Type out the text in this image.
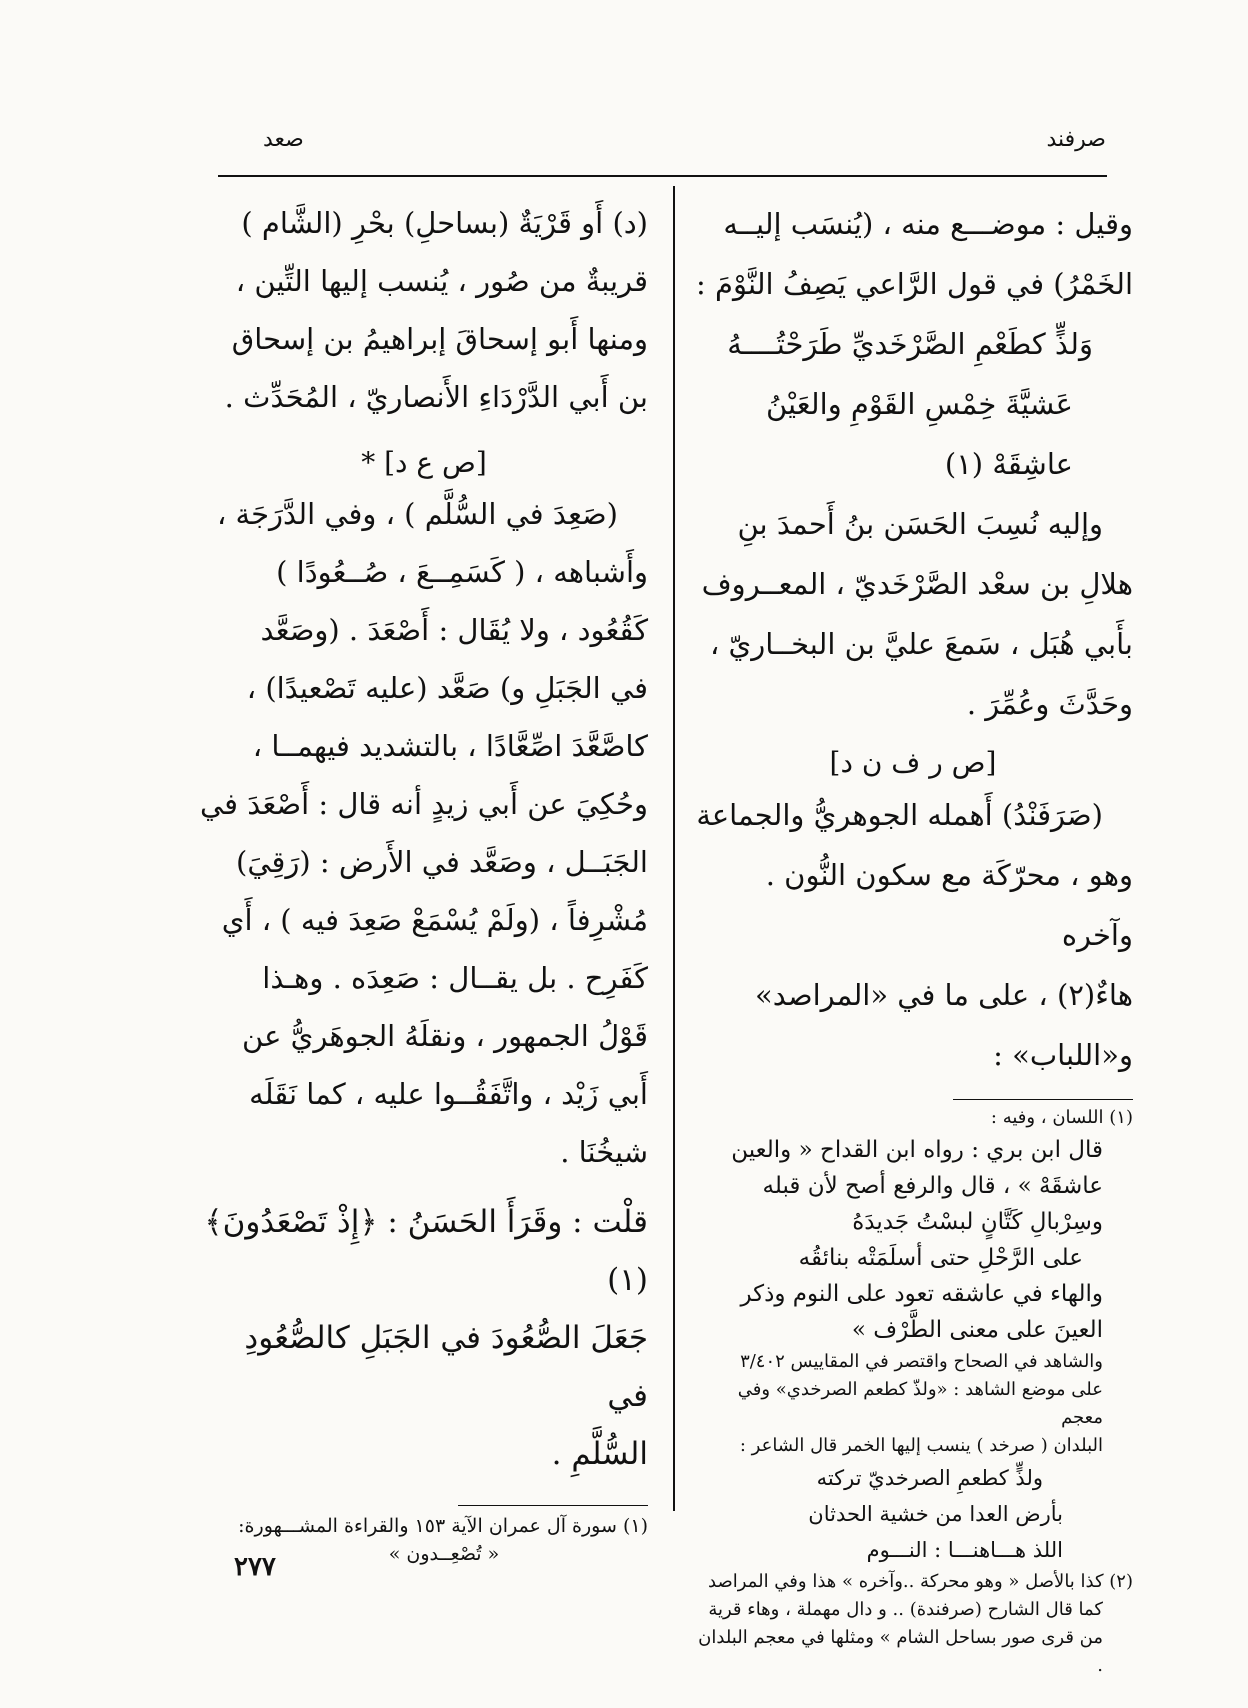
صرفند
صعد

وقيل : موضـــع منه ، (يُنسَب إليــه

الخَمْرُ) في قول الرَّاعي يَصِفُ النَّوْمَ :

وَلذٍّ كطَعْمِ الصَّرْخَديِّ طَرَحْتُــــهُ

عَشيَّةَ خِمْسِ القَوْمِ والعَيْنُ عاشِقَهْ (١)

وإليه نُسِبَ الحَسَن بنُ أَحمدَ بنِ

هلالِ بن سعْد الصَّرْخَديّ ، المعــروف

بأَبي هُبَل ، سَمعَ عليَّ بن البخــاريّ ،

وحَدَّثَ وعُمِّرَ .

[ص ر ف ن د]

(صَرَفَنْدُ) أَهمله الجوهريُّ والجماعة

وهو ، محرّكَة مع سكون النُّون . وآخره

هاءٌ(٢) ، على ما في «المراصد» و«اللباب» :

(١) اللسان ، وفيه :

قال ابن بري : رواه ابن القداح « والعين

عاشقَهْ » ، قال والرفع أصح لأن قبله

وسِرْبالِ كَتَّانٍ لبسْتُ جَديدَهُ

على الرَّحْلِ حتى أسلَمَتْه بنائقُه

والهاء في عاشقه تعود على النوم وذكر

العينَ على معنى الطَّرْف »

والشاهد في الصحاح واقتصر في المقاييس ٣/٤٠٢

على موضع الشاهد : «ولذّ كطعم الصرخدي» وفي معجم

البلدان ( صرخد ) ينسب إليها الخمر قال الشاعر :

ولذٍّ كطعمِ الصرخديّ تركته

بأرض العدا من خشية الحدثان

اللذ هـــاهنـــا : النـــوم

(٢) كذا بالأصل « وهو محركة ..وآخره » هذا وفي المراصد

كما قال الشارح (صرفندة) .. و دال مهملة ، وهاء قرية

من قرى صور بساحل الشام » ومثلها في معجم البلدان .

(د) أَو قَرْيَةٌ (بساحلِ) بحْرِ (الشَّام )

قريبةٌ من صُور ، يُنسب إليها التِّين ،

ومنها أَبو إسحاقَ إبراهيمُ بن إسحاق

بن أَبي الدَّرْدَاءِ الأَنصاريّ ، المُحَدِّث .

[ص ع د] *

(صَعِدَ في السُّلَّم ) ، وفي الدَّرَجَة ،

وأَشباهه ، ( كَسَمِــعَ ، صُــعُودًا )

كَقُعُود ، ولا يُقَال : أَصْعَدَ . (وصَعَّد

في الجَبَلِ و) صَعَّد (عليه تَصْعيدًا) ،

كاصَّعَّدَ اصِّعَّادًا ، بالتشديد فيهمــا ،

وحُكِيَ عن أَبي زيدٍ أنه قال : أَصْعَدَ في

الجَبَــل ، وصَعَّد في الأَرض : (رَقِيَ)

مُشْرِفاً ، (ولَمْ يُسْمَعْ صَعِدَ فيه ) ، أَي

كَفَرِح . بل يقــال : صَعِدَه . وهـذا

قَوْلُ الجمهور ، ونقلَهُ الجوهَريُّ عن

أَبي زَيْد ، واتَّفَقُــوا عليه ، كما نَقَلَه

شيخُنَا .

قلْت : وقَرَأَ الحَسَنُ : ﴿إِذْ تَصْعَدُونَ﴾ (١)

جَعَلَ الصُّعُودَ في الجَبَلِ كالصُّعُودِ في

السُّلَّمِ .

(١) سورة آل عمران الآية ١٥٣ والقراءة المشـــهورة:

« تُصْعِــدون »

٢٧٧
